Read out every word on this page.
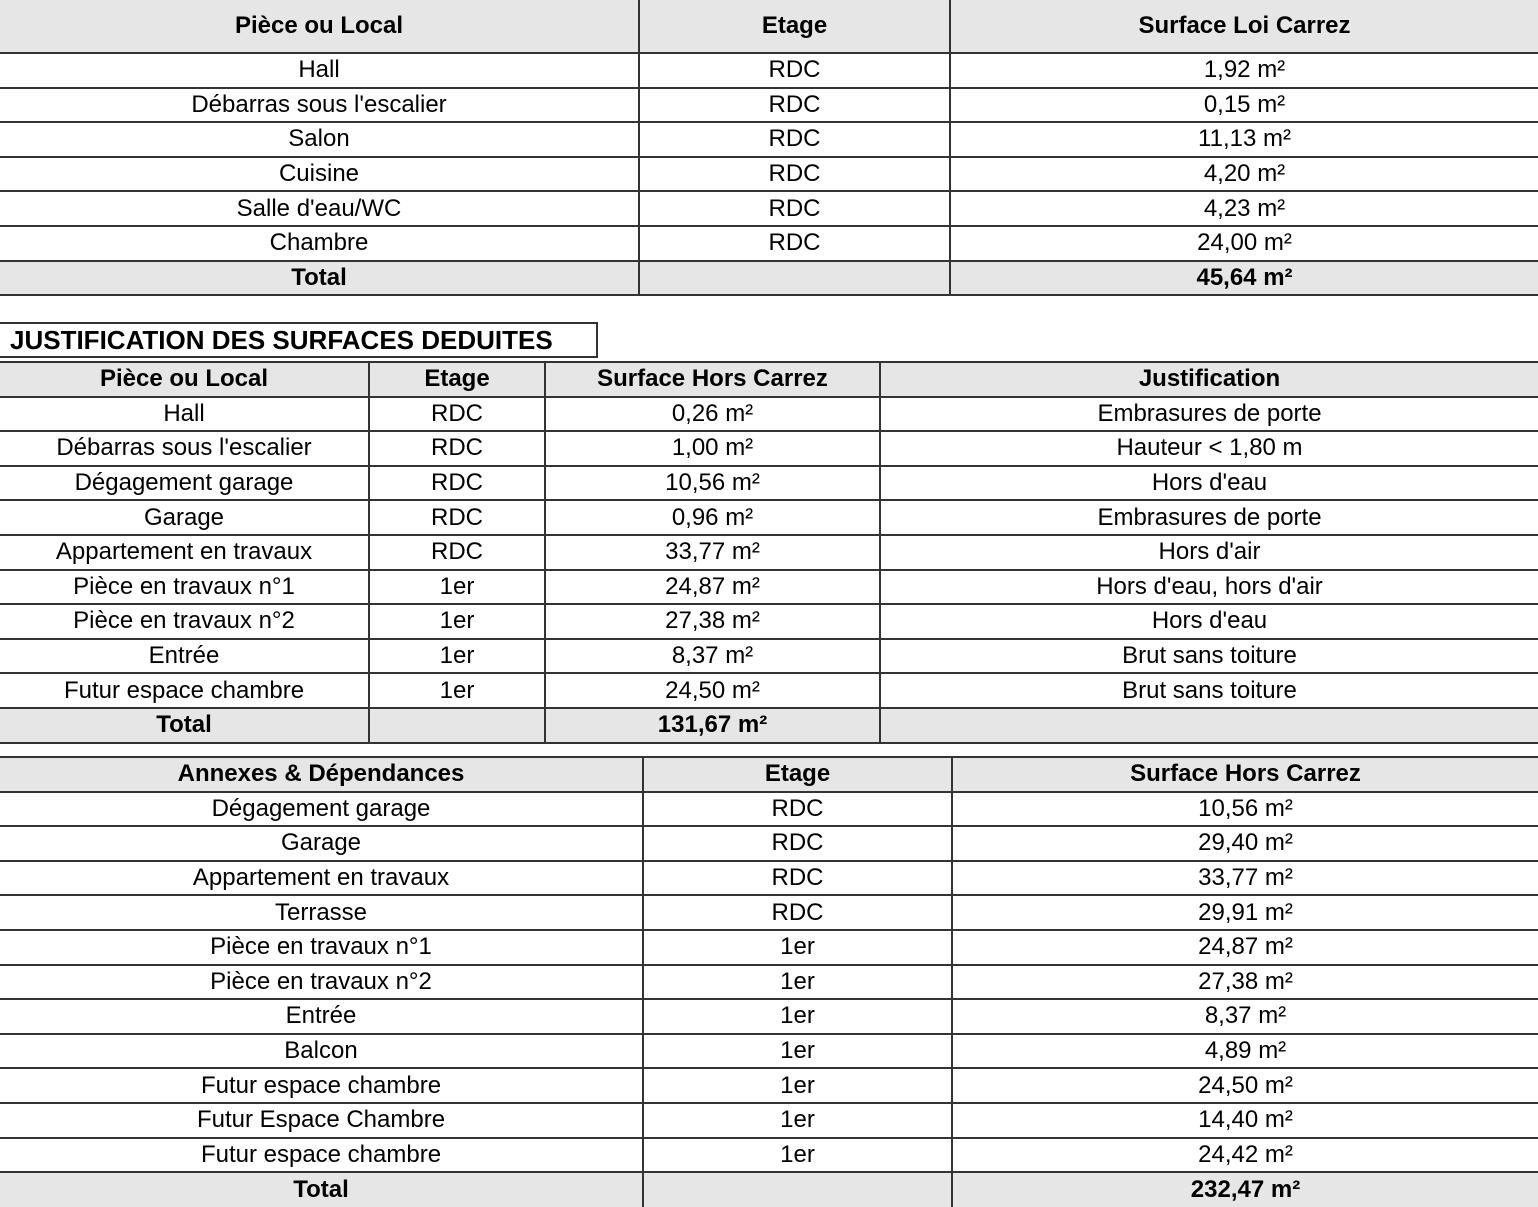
Pièce ou Local	Etage	Surface Loi Carrez
Hall	RDC	1,92 m²
Débarras sous l'escalier	RDC	0,15 m²
Salon	RDC	11,13 m²
Cuisine	RDC	4,20 m²
Salle d'eau/WC	RDC	4,23 m²
Chambre	RDC	24,00 m²
Total		45,64 m²
JUSTIFICATION DES SURFACES DEDUITES
Pièce ou Local	Etage	Surface Hors Carrez	Justification
Hall	RDC	0,26 m²	Embrasures de porte
Débarras sous l'escalier	RDC	1,00 m²	Hauteur < 1,80 m
Dégagement garage	RDC	10,56 m²	Hors d'eau
Garage	RDC	0,96 m²	Embrasures de porte
Appartement en travaux	RDC	33,77 m²	Hors d'air
Pièce en travaux n°1	1er	24,87 m²	Hors d'eau, hors d'air
Pièce en travaux n°2	1er	27,38 m²	Hors d'eau
Entrée	1er	8,37 m²	Brut sans toiture
Futur espace chambre	1er	24,50 m²	Brut sans toiture
Total		131,67 m²	
Annexes & Dépendances	Etage	Surface Hors Carrez
Dégagement garage	RDC	10,56 m²
Garage	RDC	29,40 m²
Appartement en travaux	RDC	33,77 m²
Terrasse	RDC	29,91 m²
Pièce en travaux n°1	1er	24,87 m²
Pièce en travaux n°2	1er	27,38 m²
Entrée	1er	8,37 m²
Balcon	1er	4,89 m²
Futur espace chambre	1er	24,50 m²
Futur Espace Chambre	1er	14,40 m²
Futur espace chambre	1er	24,42 m²
Total		232,47 m²
